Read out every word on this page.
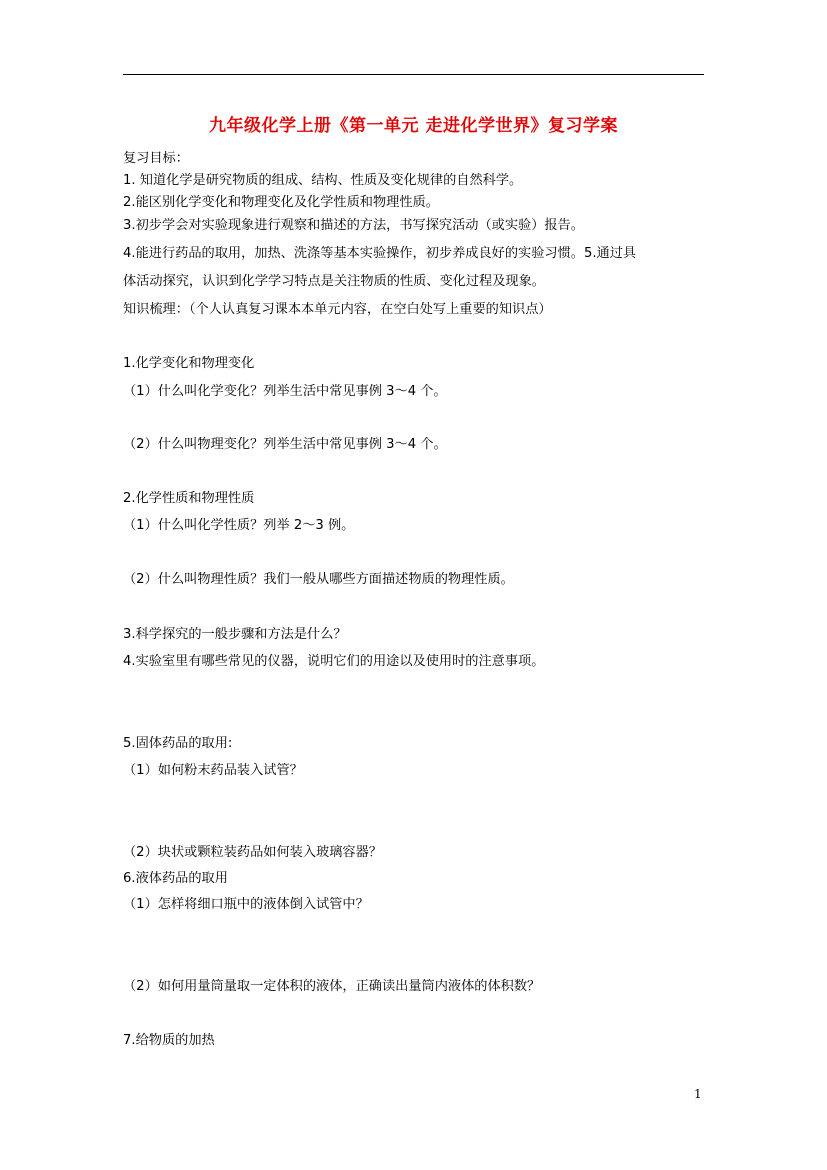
九年级化学上册《第一单元 走进化学世界》复习学案
复习目标：
1. 知道化学是研究物质的组成、结构、性质及变化规律的自然科学。
2.能区别化学变化和物理变化及化学性质和物理性质。
3.初步学会对实验现象进行观察和描述的方法，书写探究活动（或实验）报告。
4.能进行药品的取用，加热、洗涤等基本实验操作，初步养成良好的实验习惯。5.通过具
体活动探究，认识到化学学习特点是关注物质的性质、变化过程及现象。
知识梳理：（个人认真复习课本本单元内容，在空白处写上重要的知识点）
1.化学变化和物理变化
（1）什么叫化学变化？列举生活中常见事例 3～4 个。
（2）什么叫物理变化？列举生活中常见事例 3～4 个。
2.化学性质和物理性质
（1）什么叫化学性质？列举 2～3 例。
（2）什么叫物理性质？我们一般从哪些方面描述物质的物理性质。
3.科学探究的一般步骤和方法是什么？
4.实验室里有哪些常见的仪器，说明它们的用途以及使用时的注意事项。
5.固体药品的取用:
（1）如何粉末药品装入试管？
（2）块状或颗粒装药品如何装入玻璃容器？
6.液体药品的取用
（1）怎样将细口瓶中的液体倒入试管中？
（2）如何用量筒量取一定体积的液体，正确读出量筒内液体的体积数？
7.给物质的加热
1
